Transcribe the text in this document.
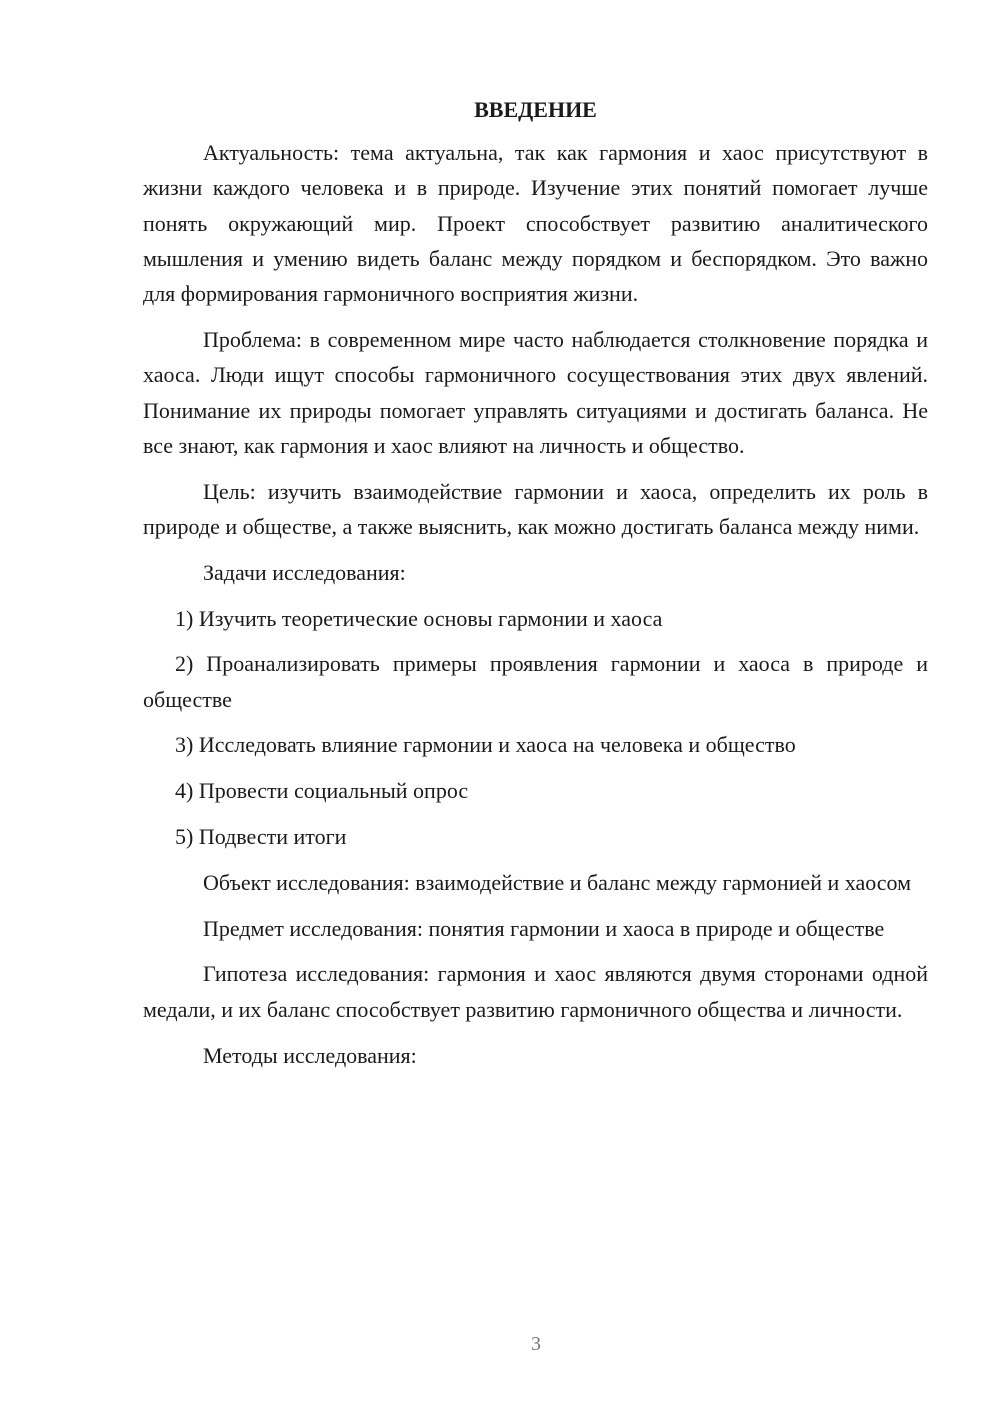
ВВЕДЕНИЕ

Актуальность: тема актуальна, так как гармония и хаос присутствуют в жизни каждого человека и в природе. Изучение этих понятий помогает лучше понять окружающий мир. Проект способствует развитию аналитического мышления и умению видеть баланс между порядком и беспорядком. Это важно для формирования гармоничного восприятия жизни.

Проблема: в современном мире часто наблюдается столкновение порядка и хаоса. Люди ищут способы гармоничного сосуществования этих двух явлений. Понимание их природы помогает управлять ситуациями и достигать баланса. Не все знают, как гармония и хаос влияют на личность и общество.

Цель: изучить взаимодействие гармонии и хаоса, определить их роль в природе и обществе, а также выяснить, как можно достигать баланса между ними.

Задачи исследования:

1) Изучить теоретические основы гармонии и хаоса

2) Проанализировать примеры проявления гармонии и хаоса в природе и обществе

3) Исследовать влияние гармонии и хаоса на человека и общество

4) Провести социальный опрос

5) Подвести итоги

Объект исследования: взаимодействие и баланс между гармонией и хаосом

Предмет исследования: понятия гармонии и хаоса в природе и обществе

Гипотеза исследования: гармония и хаос являются двумя сторонами одной медали, и их баланс способствует развитию гармоничного общества и личности.

Методы исследования:

3
